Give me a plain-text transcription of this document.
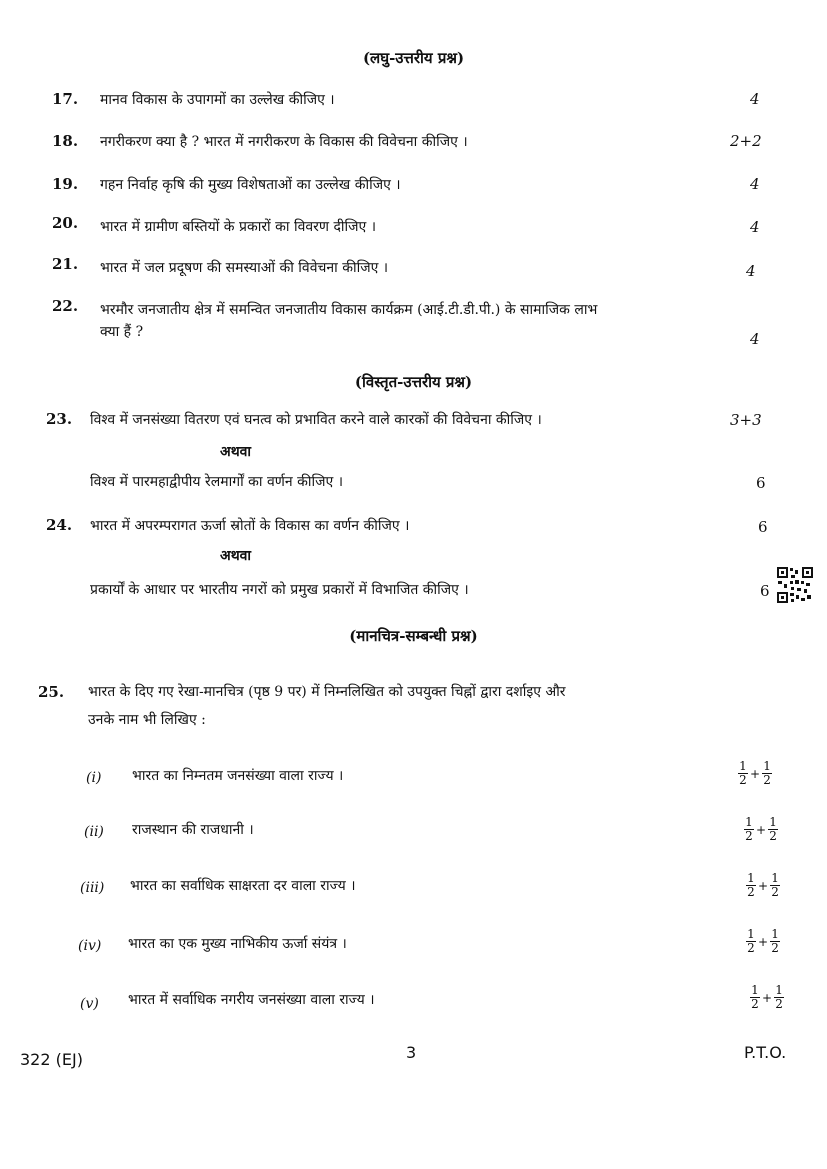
(लघु-उत्तरीय प्रश्न)
17. मानव विकास के उपागमों का उल्लेख कीजिए ।	4
18. नगरीकरण क्या है ? भारत में नगरीकरण के विकास की विवेचना कीजिए ।	2+2
19. गहन निर्वाह कृषि की मुख्य विशेषताओं का उल्लेख कीजिए ।	4
20. भारत में ग्रामीण बस्तियों के प्रकारों का विवरण दीजिए ।	4
21. भारत में जल प्रदूषण की समस्याओं की विवेचना कीजिए ।	4
22. भरमौर जनजातीय क्षेत्र में समन्वित जनजातीय विकास कार्यक्रम (आई.टी.डी.पी.) के सामाजिक लाभ
क्या हैं ?	4
(विस्तृत-उत्तरीय प्रश्न)
23. विश्व में जनसंख्या वितरण एवं घनत्व को प्रभावित करने वाले कारकों की विवेचना कीजिए ।	3+3
अथवा
विश्व में पारमहाद्वीपीय रेलमार्गों का वर्णन कीजिए ।	6
24. भारत में अपरम्परागत ऊर्जा स्रोतों के विकास का वर्णन कीजिए ।	6
अथवा
प्रकार्यों के आधार पर भारतीय नगरों को प्रमुख प्रकारों में विभाजित कीजिए ।	6
(मानचित्र-सम्बन्धी प्रश्न)
25. भारत के दिए गए रेखा-मानचित्र (पृष्ठ 9 पर) में निम्नलिखित को उपयुक्त चिह्नों द्वारा दर्शाइए और
उनके नाम भी लिखिए :
(i) भारत का निम्नतम जनसंख्या वाला राज्य ।	$\frac{1}{2} + \frac{1}{2}$
(ii) राजस्थान की राजधानी ।	$\frac{1}{2} + \frac{1}{2}$
(iii) भारत का सर्वाधिक साक्षरता दर वाला राज्य ।	$\frac{1}{2} + \frac{1}{2}$
(iv) भारत का एक मुख्य नाभिकीय ऊर्जा संयंत्र ।	$\frac{1}{2} + \frac{1}{2}$
(v) भारत में सर्वाधिक नगरीय जनसंख्या वाला राज्य ।	$\frac{1}{2} + \frac{1}{2}$
322 (EJ)	3	P.T.O.
